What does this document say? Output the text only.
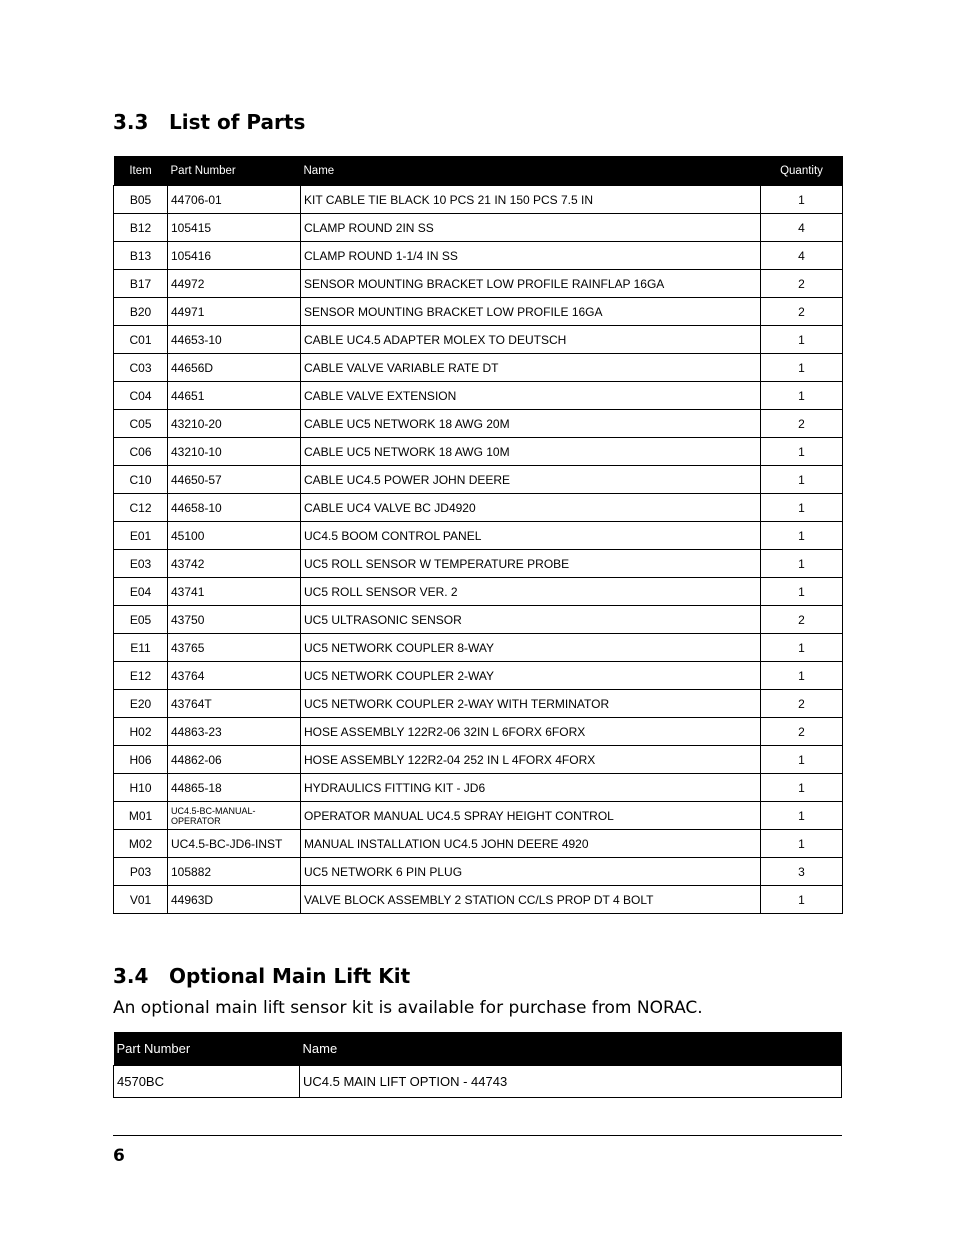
3.3 List of Parts
Item	Part Number	Name	Quantity
B05	44706-01	KIT CABLE TIE BLACK 10 PCS 21 IN 150 PCS 7.5 IN	1
B12	105415	CLAMP ROUND 2IN SS	4
B13	105416	CLAMP ROUND 1-1/4 IN SS	4
B17	44972	SENSOR MOUNTING BRACKET LOW PROFILE RAINFLAP 16GA	2
B20	44971	SENSOR MOUNTING BRACKET LOW PROFILE 16GA	2
C01	44653-10	CABLE UC4.5 ADAPTER MOLEX TO DEUTSCH	1
C03	44656D	CABLE VALVE VARIABLE RATE DT	1
C04	44651	CABLE VALVE EXTENSION	1
C05	43210-20	CABLE UC5 NETWORK 18 AWG 20M	2
C06	43210-10	CABLE UC5 NETWORK 18 AWG 10M	1
C10	44650-57	CABLE UC4.5 POWER JOHN DEERE	1
C12	44658-10	CABLE UC4 VALVE BC JD4920	1
E01	45100	UC4.5 BOOM CONTROL PANEL	1
E03	43742	UC5 ROLL SENSOR W TEMPERATURE PROBE	1
E04	43741	UC5 ROLL SENSOR VER. 2	1
E05	43750	UC5 ULTRASONIC SENSOR	2
E11	43765	UC5 NETWORK COUPLER 8-WAY	1
E12	43764	UC5 NETWORK COUPLER 2-WAY	1
E20	43764T	UC5 NETWORK COUPLER 2-WAY WITH TERMINATOR	2
H02	44863-23	HOSE ASSEMBLY 122R2-06 32IN L 6FORX 6FORX	2
H06	44862-06	HOSE ASSEMBLY 122R2-04 252 IN L 4FORX 4FORX	1
H10	44865-18	HYDRAULICS FITTING KIT - JD6	1
M01	UC4.5-BC-MANUAL-OPERATOR	OPERATOR MANUAL UC4.5 SPRAY HEIGHT CONTROL	1
M02	UC4.5-BC-JD6-INST	MANUAL INSTALLATION UC4.5 JOHN DEERE 4920	1
P03	105882	UC5 NETWORK 6 PIN PLUG	3
V01	44963D	VALVE BLOCK ASSEMBLY 2 STATION CC/LS PROP DT 4 BOLT	1
3.4 Optional Main Lift Kit
An optional main lift sensor kit is available for purchase from NORAC.
Part Number	Name
4570BC	UC4.5 MAIN LIFT OPTION - 44743
6
